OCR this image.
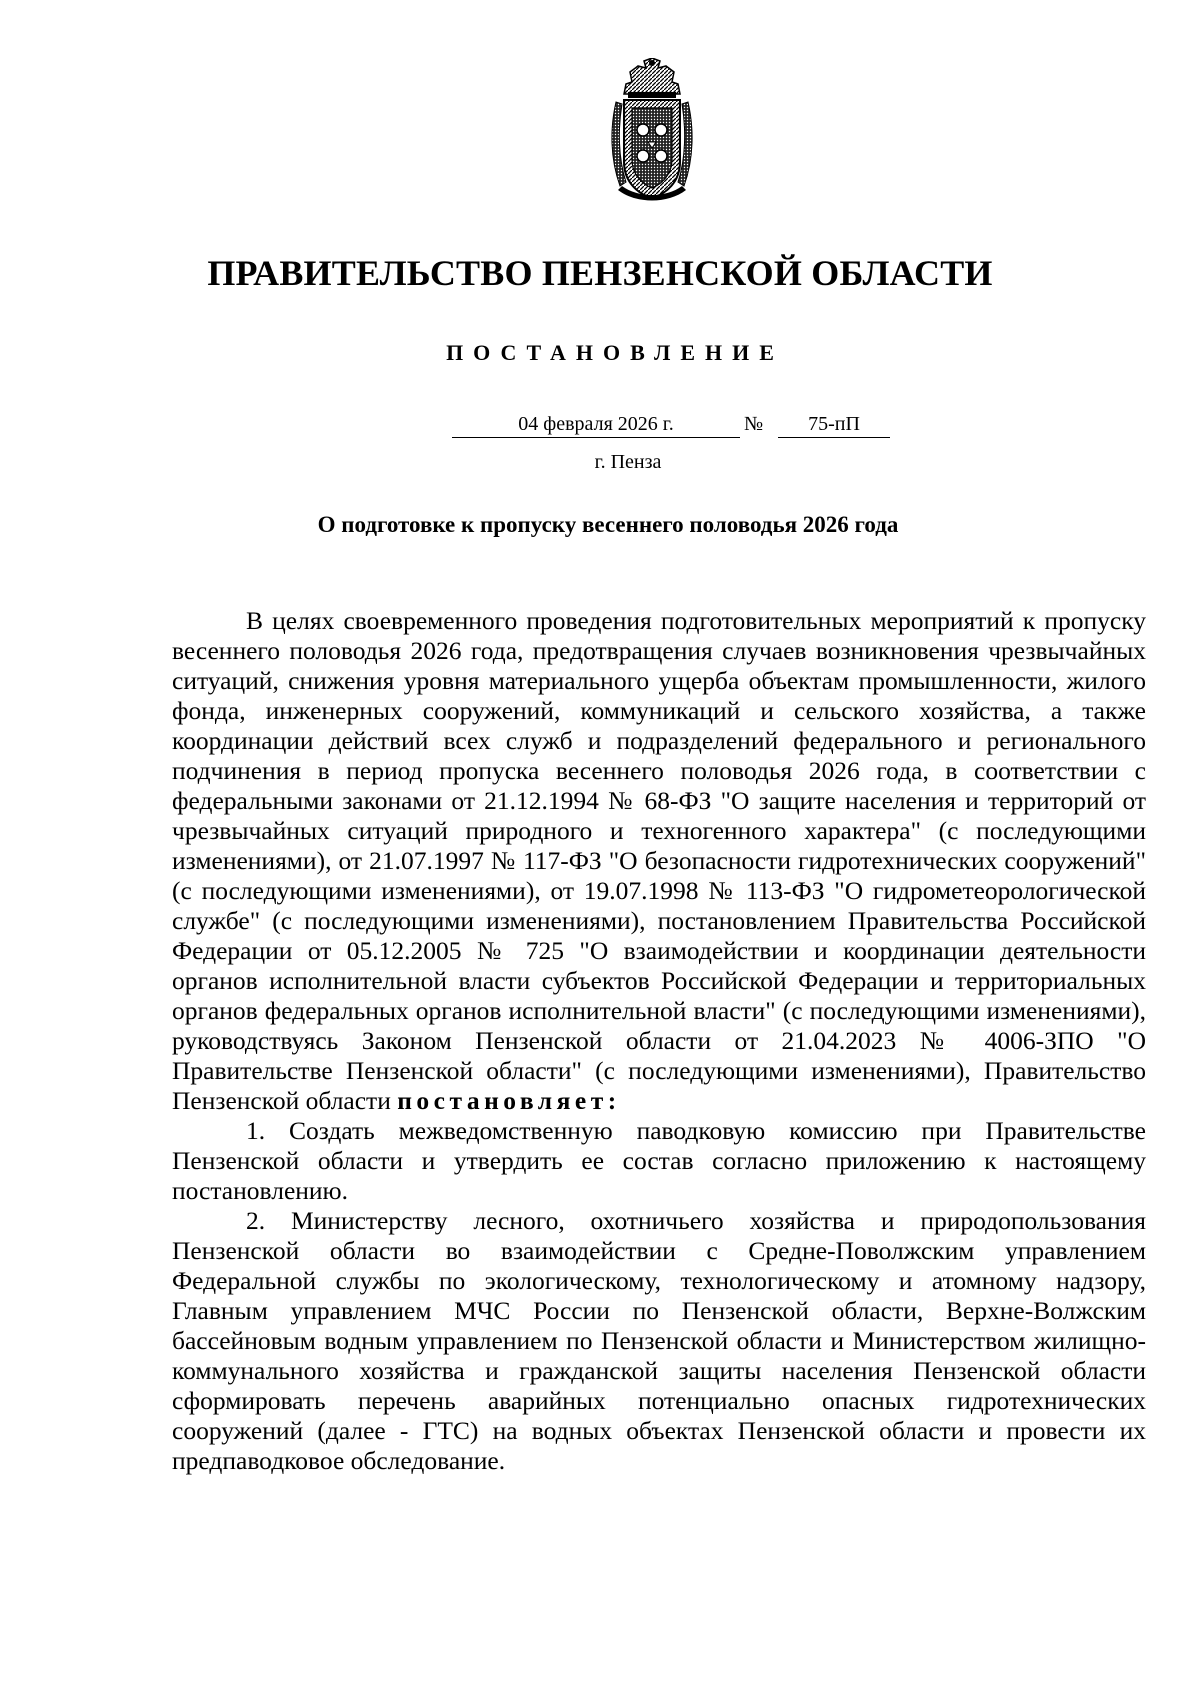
ПРАВИТЕЛЬСТВО ПЕНЗЕНСКОЙ ОБЛАСТИ
ПОСТАНОВЛЕНИЕ
04 февраля 2026 г.	№	75-пП
г. Пенза
О подготовке к пропуску весеннего половодья 2026 года

В целях своевременного проведения подготовительных мероприятий к пропуску весеннего половодья 2026 года, предотвращения случаев возникновения чрезвычайных ситуаций, снижения уровня материального ущерба объектам промышленности, жилого фонда, инженерных сооружений, коммуникаций и сельского хозяйства, а также координации действий всех служб и подразделений федерального и регионального подчинения в период пропуска весеннего половодья 2026 года, в соответствии с федеральными законами от 21.12.1994 № 68-ФЗ "О защите населения и территорий от чрезвычайных ситуаций природного и техногенного характера" (с последующими изменениями), от 21.07.1997 № 117-ФЗ "О безопасности гидротехнических сооружений" (с последующими изменениями), от 19.07.1998 № 113-ФЗ "О гидрометеорологической службе" (с последующими изменениями), постановлением Правительства Российской Федерации от 05.12.2005 № 725 "О взаимодействии и координации деятельности органов исполнительной власти субъектов Российской Федерации и территориальных органов федеральных органов исполнительной власти" (с последующими изменениями), руководствуясь Законом Пензенской области от 21.04.2023 № 4006-ЗПО "О Правительстве Пензенской области" (с последующими изменениями), Правительство Пензенской области постановляет:

1. Создать межведомственную паводковую комиссию при Правительстве Пензенской области и утвердить ее состав согласно приложению к настоящему постановлению.

2. Министерству лесного, охотничьего хозяйства и природопользования Пензенской области во взаимодействии с Средне-Поволжским управлением Федеральной службы по экологическому, технологическому и атомному надзору, Главным управлением МЧС России по Пензенской области, Верхне-Волжским бассейновым водным управлением по Пензенской области и Министерством жилищно-коммунального хозяйства и гражданской защиты населения Пензенской области сформировать перечень аварийных потенциально опасных гидротехнических сооружений (далее - ГТС) на водных объектах Пензенской области и провести их предпаводковое обследование.
